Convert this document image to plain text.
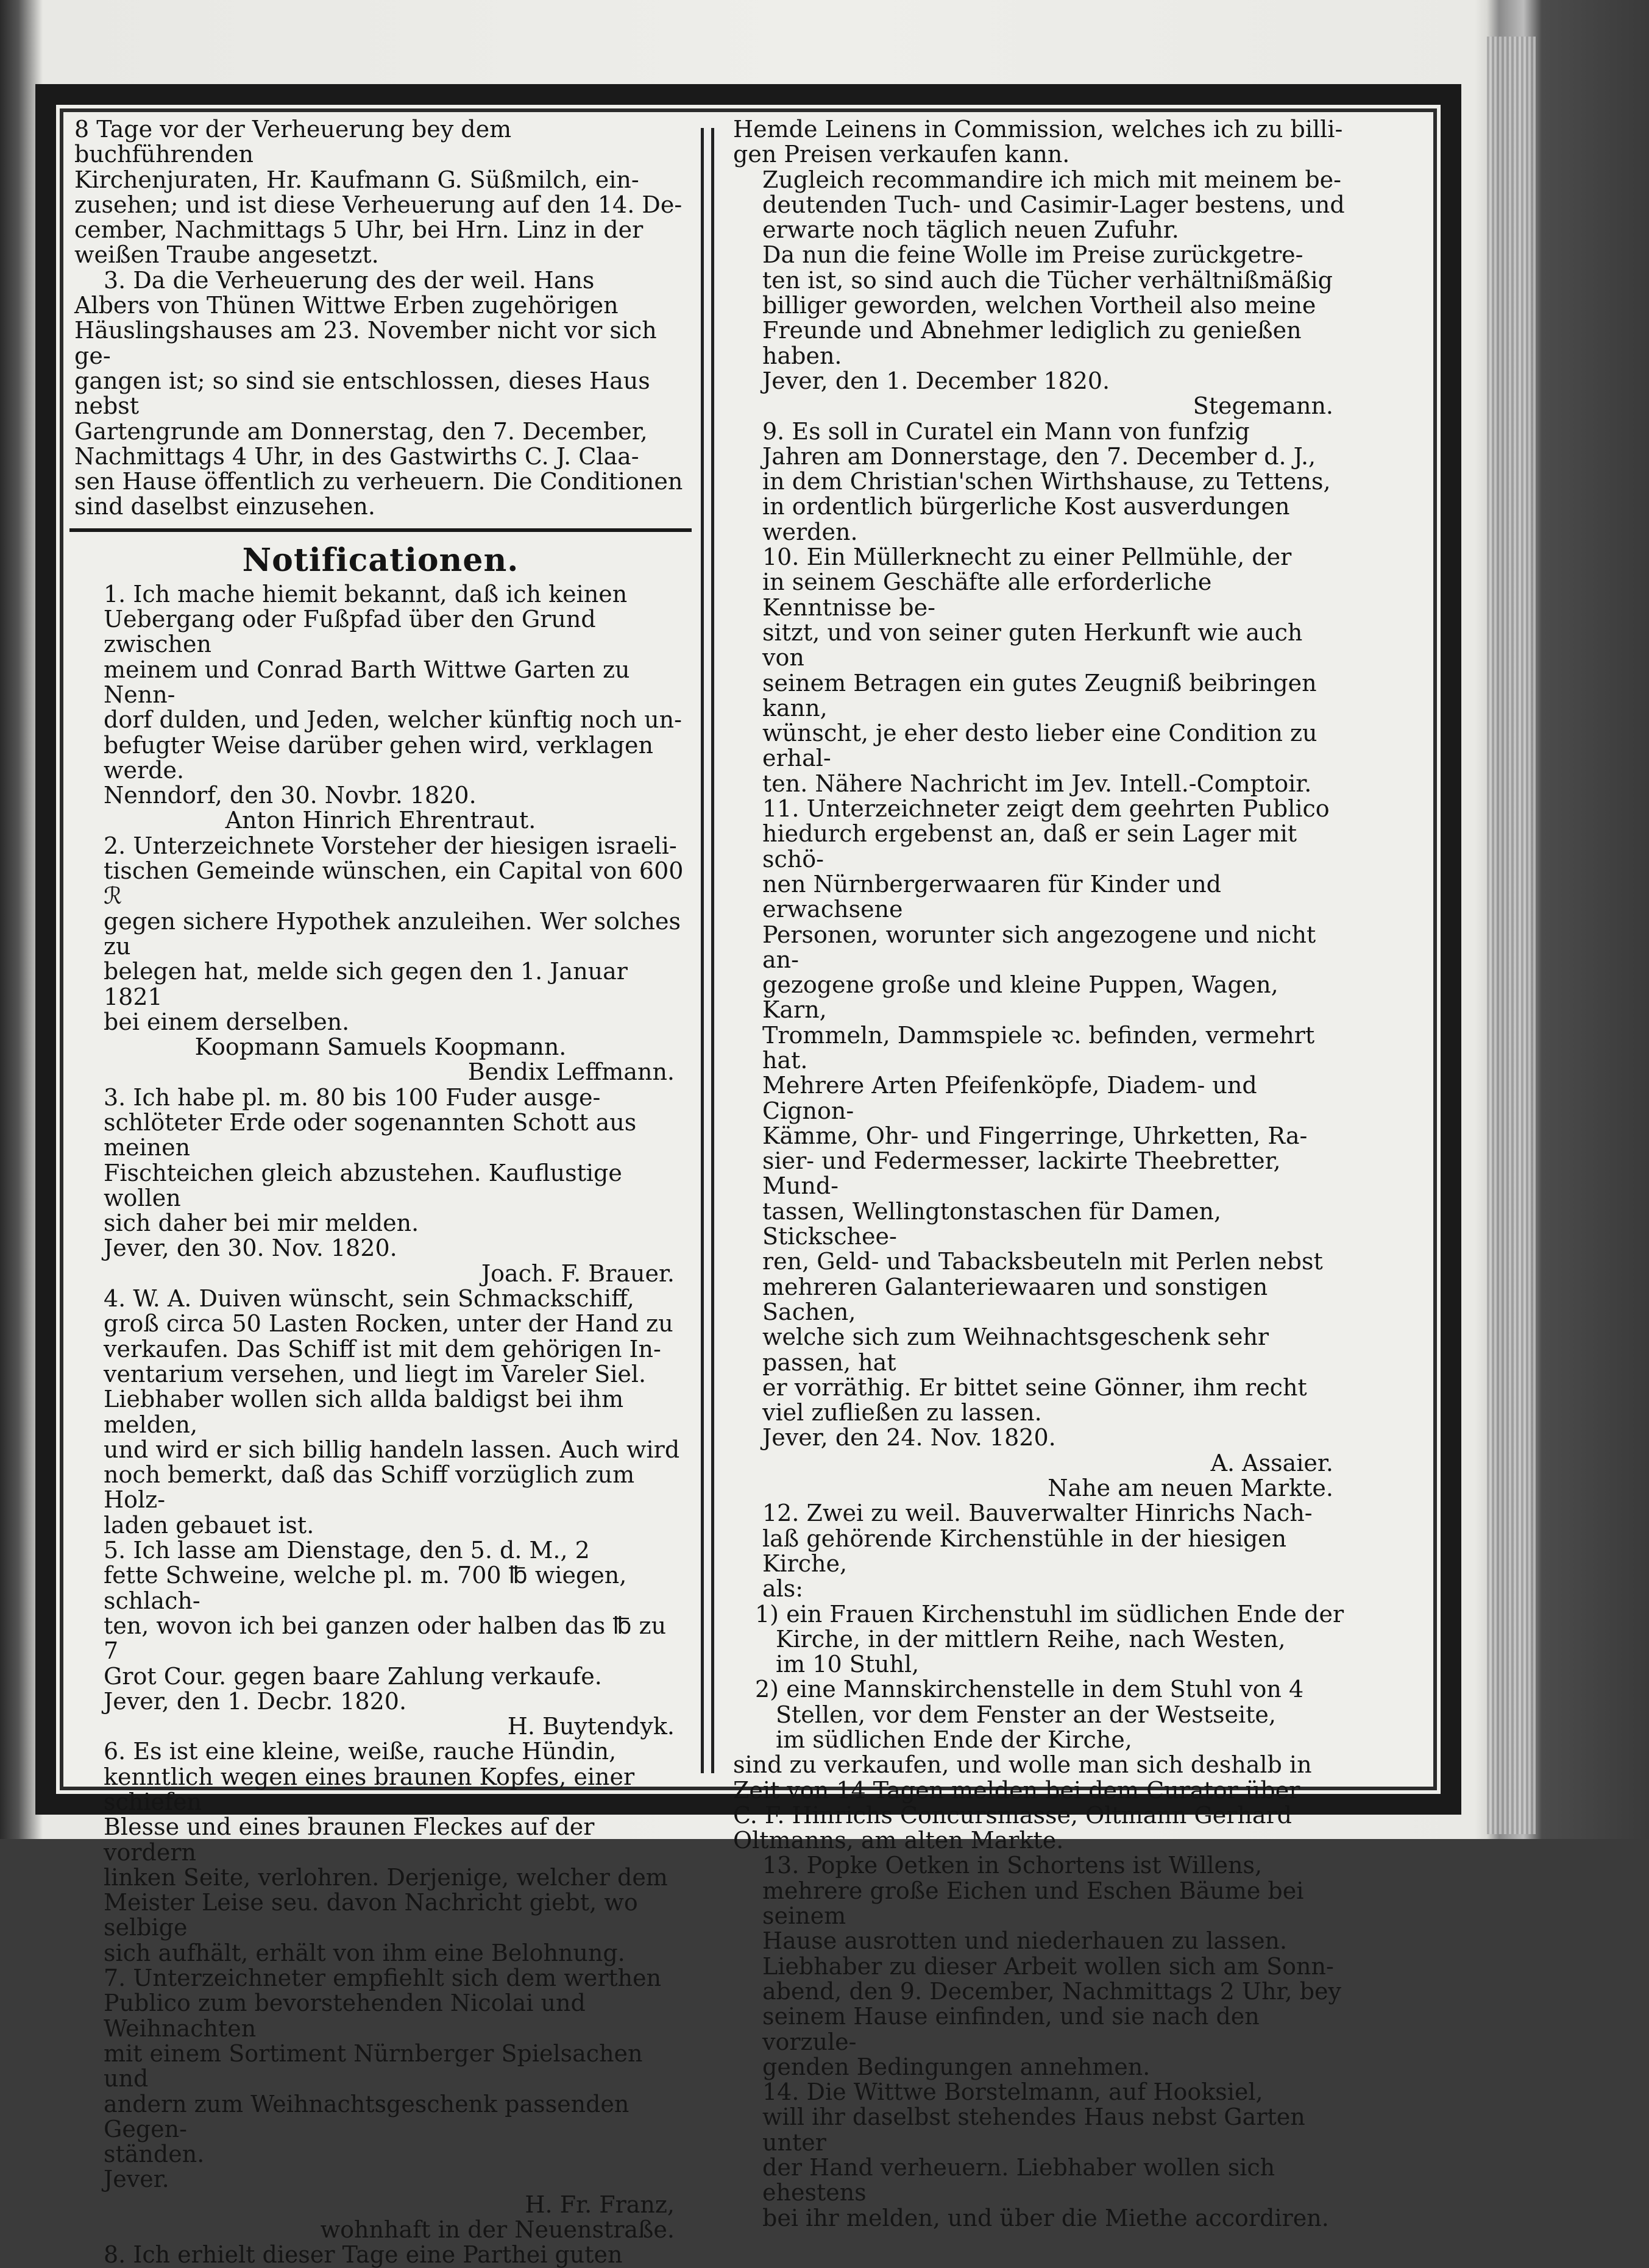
8 Tage vor der Verheuerung bey dem buchführenden

Kirchenjuraten, Hr. Kaufmann G. Süßmilch, ein-

zusehen; und ist diese Verheuerung auf den 14. De-

cember, Nachmittags 5 Uhr, bei Hrn. Linz in der

weißen Traube angesetzt.

3. Da die Verheuerung des der weil. Hans

Albers von Thünen Wittwe Erben zugehörigen

Häuslingshauses am 23. November nicht vor sich ge-

gangen ist; so sind sie entschlossen, dieses Haus nebst

Gartengrunde am Donnerstag, den 7. December,

Nachmittags 4 Uhr, in des Gastwirths C. J. Claa-

sen Hause öffentlich zu verheuern. Die Conditionen

sind daselbst einzusehen.

Notificationen.

1. Ich mache hiemit bekannt, daß ich keinen
Uebergang oder Fußpfad über den Grund zwischen
meinem und Conrad Barth Wittwe Garten zu Nenn-
dorf dulden, und Jeden, welcher künftig noch un-
befugter Weise darüber gehen wird, verklagen werde.

Nenndorf, den 30. Novbr. 1820.

Anton Hinrich Ehrentraut.

2. Unterzeichnete Vorsteher der hiesigen israeli-
tischen Gemeinde wünschen, ein Capital von 600 ℛ
gegen sichere Hypothek anzuleihen. Wer solches zu
belegen hat, melde sich gegen den 1. Januar 1821
bei einem derselben.

Koopmann Samuels Koopmann.

Bendix Leffmann.

3. Ich habe pl. m. 80 bis 100 Fuder ausge-
schlöteter Erde oder sogenannten Schott aus meinen
Fischteichen gleich abzustehen. Kauflustige wollen
sich daher bei mir melden.

Jever, den 30. Nov. 1820.

Joach. F. Brauer.

4. W. A. Duiven wünscht, sein Schmackschiff,
groß circa 50 Lasten Rocken, unter der Hand zu
verkaufen. Das Schiff ist mit dem gehörigen In-
ventarium versehen, und liegt im Vareler Siel.
Liebhaber wollen sich allda baldigst bei ihm melden,
und wird er sich billig handeln lassen. Auch wird
noch bemerkt, daß das Schiff vorzüglich zum Holz-
laden gebauet ist.

5. Ich lasse am Dienstage, den 5. d. M., 2
fette Schweine, welche pl. m. 700 ℔ wiegen, schlach-
ten, wovon ich bei ganzen oder halben das ℔ zu 7
Grot Cour. gegen baare Zahlung verkaufe.

Jever, den 1. Decbr. 1820.

H. Buytendyk.

6. Es ist eine kleine, weiße, rauche Hündin,
kenntlich wegen eines braunen Kopfes, einer schiefen
Blesse und eines braunen Fleckes auf der vordern
linken Seite, verlohren. Derjenige, welcher dem
Meister Leise seu. davon Nachricht giebt, wo selbige
sich aufhält, erhält von ihm eine Belohnung.

7. Unterzeichneter empfiehlt sich dem werthen
Publico zum bevorstehenden Nicolai und Weihnachten
mit einem Sortiment Nürnberger Spielsachen und
andern zum Weihnachtsgeschenk passenden Gegen-
ständen.

Jever.

H. Fr. Franz,

wohnhaft in der Neuenstraße.

8. Ich erhielt dieser Tage eine Parthei guten

Hemde Leinens in Commission, welches ich zu billi-
gen Preisen verkaufen kann.

Zugleich recommandire ich mich mit meinem be-
deutenden Tuch- und Casimir-Lager bestens, und
erwarte noch täglich neuen Zufuhr.

Da nun die feine Wolle im Preise zurückgetre-
ten ist, so sind auch die Tücher verhältnißmäßig
billiger geworden, welchen Vortheil also meine
Freunde und Abnehmer lediglich zu genießen haben.

Jever, den 1. December 1820.

Stegemann.

9. Es soll in Curatel ein Mann von funfzig
Jahren am Donnerstage, den 7. December d. J.,
in dem Christian'schen Wirthshause, zu Tettens,
in ordentlich bürgerliche Kost ausverdungen werden.

10. Ein Müllerknecht zu einer Pellmühle, der
in seinem Geschäfte alle erforderliche Kenntnisse be-
sitzt, und von seiner guten Herkunft wie auch von
seinem Betragen ein gutes Zeugniß beibringen kann,
wünscht, je eher desto lieber eine Condition zu erhal-
ten. Nähere Nachricht im Jev. Intell.-Comptoir.

11. Unterzeichneter zeigt dem geehrten Publico
hiedurch ergebenst an, daß er sein Lager mit schö-
nen Nürnbergerwaaren für Kinder und erwachsene
Personen, worunter sich angezogene und nicht an-
gezogene große und kleine Puppen, Wagen, Karn,
Trommeln, Dammspiele ꝛc. befinden, vermehrt hat.
Mehrere Arten Pfeifenköpfe, Diadem- und Cignon-
Kämme, Ohr- und Fingerringe, Uhrketten, Ra-
sier- und Federmesser, lackirte Theebretter, Mund-
tassen, Wellingtonstaschen für Damen, Stickschee-
ren, Geld- und Tabacksbeuteln mit Perlen nebst
mehreren Galanteriewaaren und sonstigen Sachen,
welche sich zum Weihnachtsgeschenk sehr passen, hat
er vorräthig. Er bittet seine Gönner, ihm recht
viel zufließen zu lassen.

Jever, den 24. Nov. 1820.

A. Assaier.

Nahe am neuen Markte.

12. Zwei zu weil. Bauverwalter Hinrichs Nach-
laß gehörende Kirchenstühle in der hiesigen Kirche,
als:

1) ein Frauen Kirchenstuhl im südlichen Ende der

Kirche, in der mittlern Reihe, nach Westen,
im 10 Stuhl,

2) eine Mannskirchenstelle in dem Stuhl von 4

Stellen, vor dem Fenster an der Westseite,
im südlichen Ende der Kirche,

sind zu verkaufen, und wolle man sich deshalb in
Zeit von 14 Tagen melden bei dem Curator über
C. F. Hinrichs Concursmasse, Oltmann Gerhard
Oltmanns, am alten Markte.

13. Popke Oetken in Schortens ist Willens,
mehrere große Eichen und Eschen Bäume bei seinem
Hause ausrotten und niederhauen zu lassen.

Liebhaber zu dieser Arbeit wollen sich am Sonn-
abend, den 9. December, Nachmittags 2 Uhr, bey
seinem Hause einfinden, und sie nach den vorzule-
genden Bedingungen annehmen.

14. Die Wittwe Borstelmann, auf Hooksiel,
will ihr daselbst stehendes Haus nebst Garten unter
der Hand verheuern. Liebhaber wollen sich ehestens
bei ihr melden, und über die Miethe accordiren.
